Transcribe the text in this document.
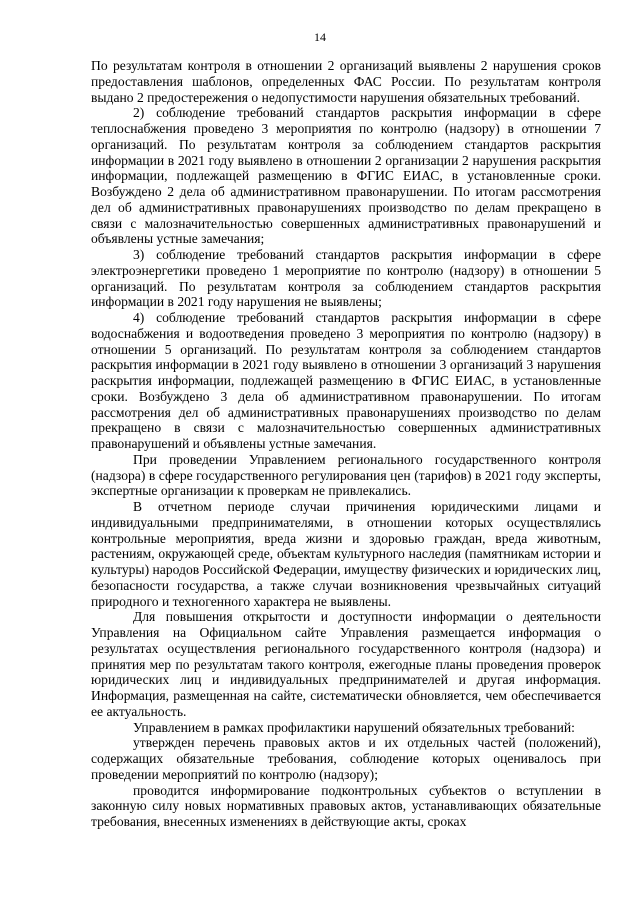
14

По результатам контроля в отношении 2 организаций выявлены 2 нарушения сроков предоставления шаблонов, определенных ФАС России. По результатам контроля выдано 2 предостережения о недопустимости нарушения обязательных требований.

2) соблюдение требований стандартов раскрытия информации в сфере теплоснабжения проведено 3 мероприятия по контролю (надзору) в отношении 7 организаций. По результатам контроля за соблюдением стандартов раскрытия информации в 2021 году выявлено в отношении 2 организации 2 нарушения раскрытия информации, подлежащей размещению в ФГИС ЕИАС, в установленные сроки. Возбуждено 2 дела об административном правонарушении. По итогам рассмотрения дел об административных правонарушениях производство по делам прекращено в связи с малозначительностью совершенных административных правонарушений и объявлены устные замечания;

3) соблюдение требований стандартов раскрытия информации в сфере электроэнергетики проведено 1 мероприятие по контролю (надзору) в отношении 5 организаций. По результатам контроля за соблюдением стандартов раскрытия информации в 2021 году нарушения не выявлены;

4) соблюдение требований стандартов раскрытия информации в сфере водоснабжения и водоотведения проведено 3 мероприятия по контролю (надзору) в отношении 5 организаций. По результатам контроля за соблюдением стандартов раскрытия информации в 2021 году выявлено в отношении 3 организаций 3 нарушения раскрытия информации, подлежащей размещению в ФГИС ЕИАС, в установленные сроки. Возбуждено 3 дела об административном правонарушении. По итогам рассмотрения дел об административных правонарушениях производство по делам прекращено в связи с малозначительностью совершенных административных правонарушений и объявлены устные замечания.

При проведении Управлением регионального государственного контроля (надзора) в сфере государственного регулирования цен (тарифов) в 2021 году эксперты, экспертные организации к проверкам не привлекались.

В отчетном периоде случаи причинения юридическими лицами и индивидуальными предпринимателями, в отношении которых осуществлялись контрольные мероприятия, вреда жизни и здоровью граждан, вреда животным, растениям, окружающей среде, объектам культурного наследия (памятникам истории и культуры) народов Российской Федерации, имуществу физических и юридических лиц, безопасности государства, а также случаи возникновения чрезвычайных ситуаций природного и техногенного характера не выявлены.

Для повышения открытости и доступности информации о деятельности Управления на Официальном сайте Управления размещается информация о результатах осуществления регионального государственного контроля (надзора) и принятия мер по результатам такого контроля, ежегодные планы проведения проверок юридических лиц и индивидуальных предпринимателей и другая информация. Информация, размещенная на сайте, систематически обновляется, чем обеспечивается ее актуальность.

Управлением в рамках профилактики нарушений обязательных требований:

утвержден перечень правовых актов и их отдельных частей (положений), содержащих обязательные требования, соблюдение которых оценивалось при проведении мероприятий по контролю (надзору);

проводится информирование подконтрольных субъектов о вступлении в законную силу новых нормативных правовых актов, устанавливающих обязательные требования, внесенных изменениях в действующие акты, сроках
